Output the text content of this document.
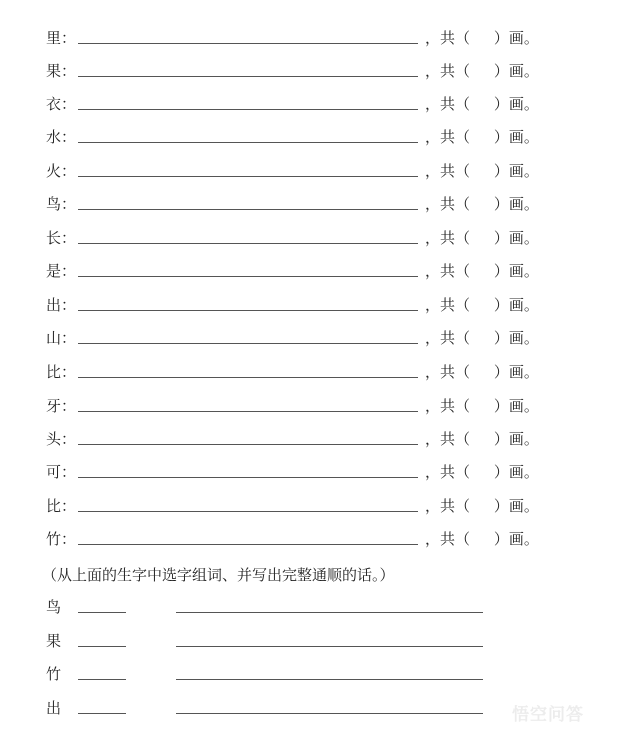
里：	，共（     ）画。
果：	，共（     ）画。
衣：	，共（     ）画。
水：	，共（     ）画。
火：	，共（     ）画。
鸟：	，共（     ）画。
长：	，共（     ）画。
是：	，共（     ）画。
出：	，共（     ）画。
山：	，共（     ）画。
比：	，共（     ）画。
牙：	，共（     ）画。
头：	，共（     ）画。
可：	，共（     ）画。
比：	，共（     ）画。
竹：	，共（     ）画。
（从上面的生字中选字组词、并写出完整通顺的话。）
鸟
果
竹
出	悟空问答
